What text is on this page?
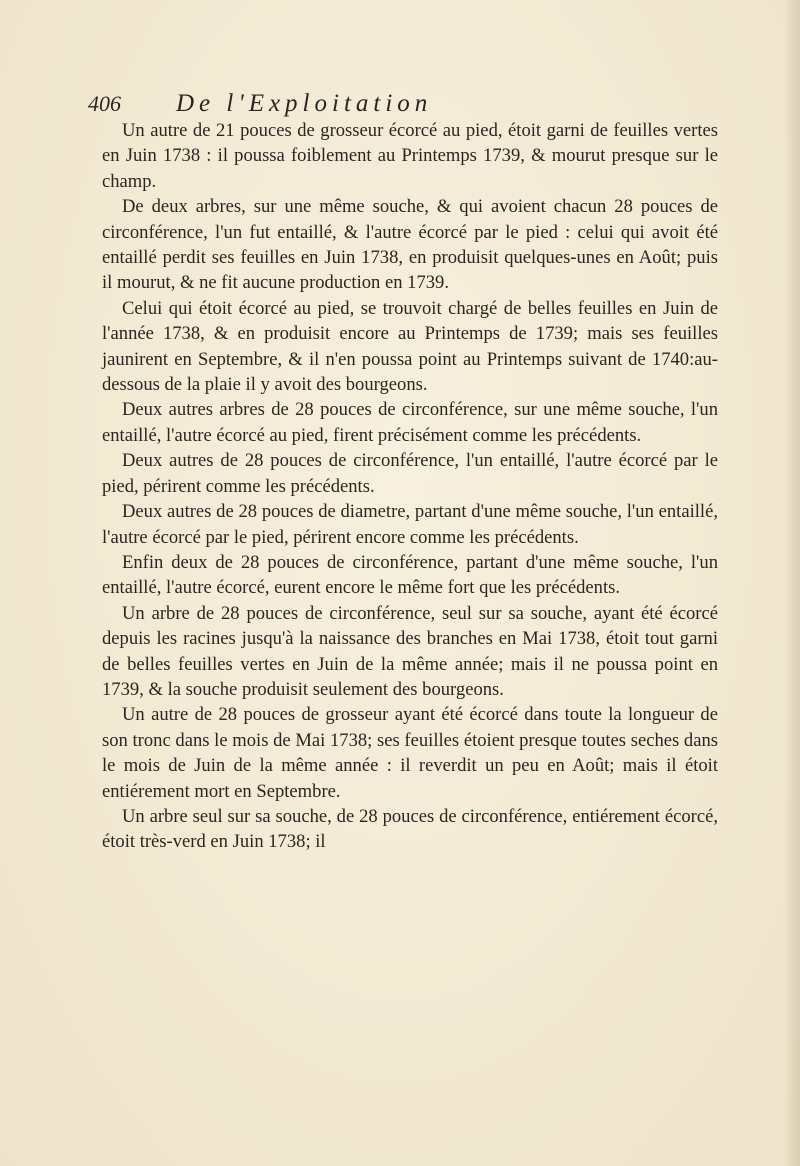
406	De l'Exploitation

Un autre de 21 pouces de grosseur écorcé au pied, étoit garni de feuilles vertes en Juin 1738 : il poussa foiblement au Printemps 1739, & mourut presque sur le champ.

De deux arbres, sur une même souche, & qui avoient chacun 28 pouces de circonférence, l'un fut entaillé, & l'autre écorcé par le pied : celui qui avoit été entaillé perdit ses feuilles en Juin 1738, en produisit quelques-unes en Août; puis il mourut, & ne fit aucune production en 1739.

Celui qui étoit écorcé au pied, se trouvoit chargé de belles feuilles en Juin de l'année 1738, & en produisit encore au Printemps de 1739; mais ses feuilles jaunirent en Septembre, & il n'en poussa point au Printemps suivant de 1740:au-dessous de la plaie il y avoit des bourgeons.

Deux autres arbres de 28 pouces de circonférence, sur une même souche, l'un entaillé, l'autre écorcé au pied, firent précisément comme les précédents.

Deux autres de 28 pouces de circonférence, l'un entaillé, l'autre écorcé par le pied, périrent comme les précédents.

Deux autres de 28 pouces de diametre, partant d'une même souche, l'un entaillé, l'autre écorcé par le pied, périrent encore comme les précédents.

Enfin deux de 28 pouces de circonférence, partant d'une même souche, l'un entaillé, l'autre écorcé, eurent encore le même fort que les précédents.

Un arbre de 28 pouces de circonférence, seul sur sa souche, ayant été écorcé depuis les racines jusqu'à la naissance des branches en Mai 1738, étoit tout garni de belles feuilles vertes en Juin de la même année; mais il ne poussa point en 1739, & la souche produisit seulement des bourgeons.

Un autre de 28 pouces de grosseur ayant été écorcé dans toute la longueur de son tronc dans le mois de Mai 1738; ses feuilles étoient presque toutes seches dans le mois de Juin de la même année : il reverdit un peu en Août; mais il étoit entiérement mort en Septembre.

Un arbre seul sur sa souche, de 28 pouces de circonférence, entiérement écorcé, étoit très-verd en Juin 1738; il
